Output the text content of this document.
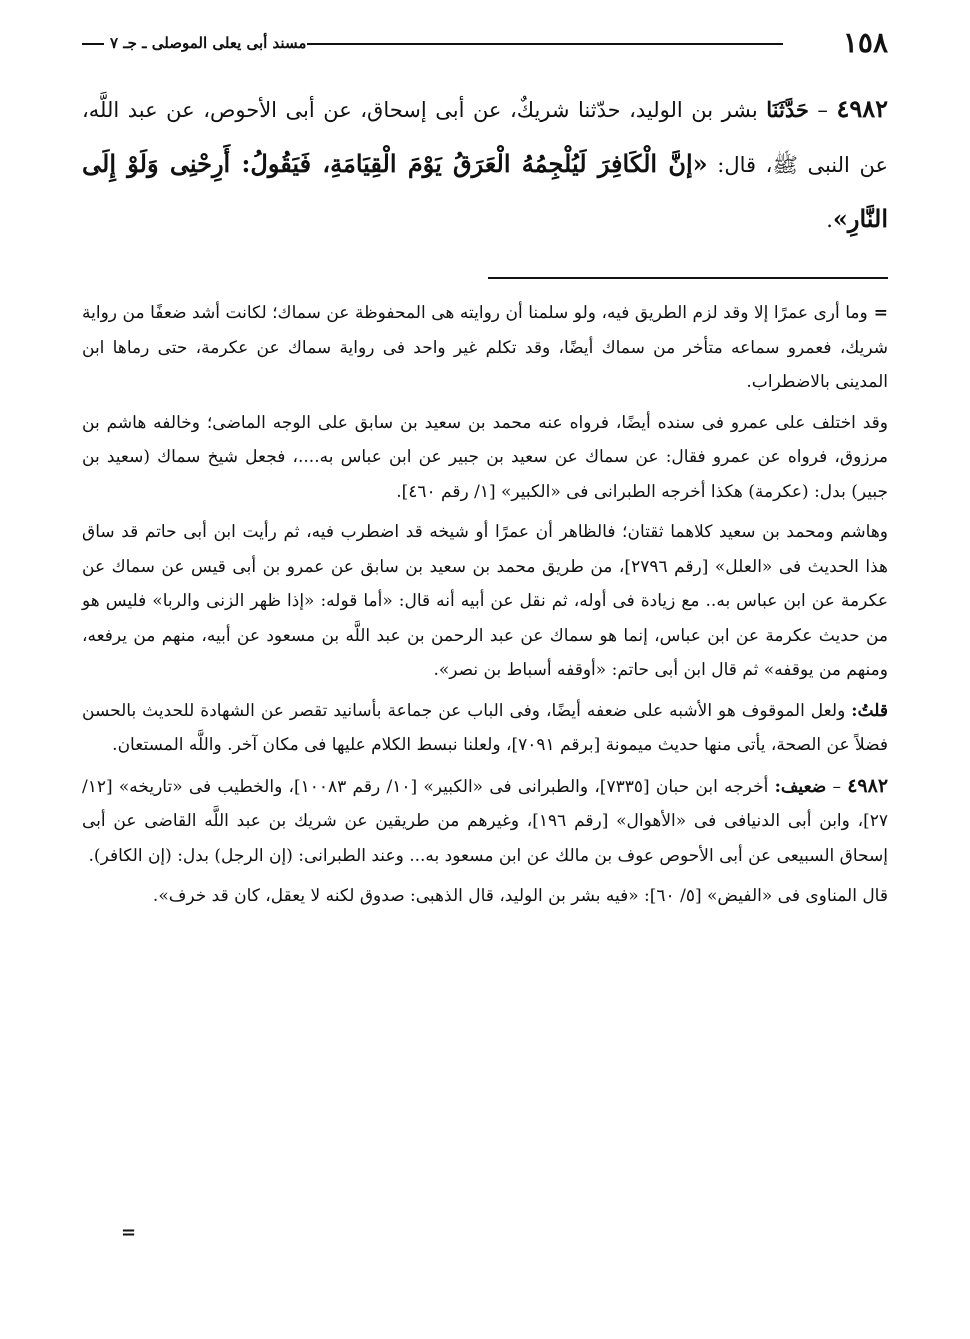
١٥٨
مسند أبى يعلى الموصلى ـ جـ ٧

٤٩٨٢ – حَدَّثَنَا بشر بن الوليد، حدّثنا شريكٌ، عن أبى إسحاق، عن أبى الأحوص، عن عبد اللَّه، عن النبى ﷺ، قال: «إنَّ الْكَافِرَ لَيُلْجِمُهُ الْعَرَقُ يَوْمَ الْقِيَامَةِ، فَيَقُولُ: أَرِحْنِى وَلَوْ إِلَى النَّارِ».

=وما أرى عمرًا إلا وقد لزم الطريق فيه، ولو سلمنا أن روايته هى المحفوظة عن سماك؛ لكانت أشد ضعفًا من رواية شريك، فعمرو سماعه متأخر من سماك أيضًا، وقد تكلم غير واحد فى رواية سماك عن عكرمة، حتى رماها ابن المدينى بالاضطراب.

وقد اختلف على عمرو فى سنده أيضًا، فرواه عنه محمد بن سعيد بن سابق على الوجه الماضى؛ وخالفه هاشم بن مرزوق، فرواه عن عمرو فقال: عن سماك عن سعيد بن جبير عن ابن عباس به....، فجعل شيخ سماك (سعيد بن جبير) بدل: (عكرمة) هكذا أخرجه الطبرانى فى «الكبير» [١/ رقم ٤٦٠].

وهاشم ومحمد بن سعيد كلاهما ثقتان؛ فالظاهر أن عمرًا أو شيخه قد اضطرب فيه، ثم رأيت ابن أبى حاتم قد ساق هذا الحديث فى «العلل» [رقم ٢٧٩٦]، من طريق محمد بن سعيد بن سابق عن عمرو بن أبى قيس عن سماك عن عكرمة عن ابن عباس به.. مع زيادة فى أوله، ثم نقل عن أبيه أنه قال: «أما قوله: «إذا ظهر الزنى والربا» فليس هو من حديث عكرمة عن ابن عباس، إنما هو سماك عن عبد الرحمن بن عبد اللَّه بن مسعود عن أبيه، منهم من يرفعه، ومنهم من يوقفه» ثم قال ابن أبى حاتم: «أوقفه أسباط بن نصر».

قلتُ: ولعل الموقوف هو الأشبه على ضعفه أيضًا، وفى الباب عن جماعة بأسانيد تقصر عن الشهادة للحديث بالحسن فضلاً عن الصحة، يأتى منها حديث ميمونة [برقم ٧٠٩١]، ولعلنا نبسط الكلام عليها فى مكان آخر. واللَّه المستعان.

٤٩٨٢ – ضعيف: أخرجه ابن حبان [٧٣٣٥]، والطبرانى فى «الكبير» [١٠/ رقم ١٠٠٨٣]، والخطيب فى «تاريخه» [١٢/ ٢٧]، وابن أبى الدنيافى فى «الأهوال» [رقم ١٩٦]، وغيرهم من طريقين عن شريك بن عبد اللَّه القاضى عن أبى إسحاق السبيعى عن أبى الأحوص عوف بن مالك عن ابن مسعود به... وعند الطبرانى: (إن الرجل) بدل: (إن الكافر).

قال المناوى فى «الفيض» [٥/ ٦٠]: «فيه بشر بن الوليد، قال الذهبى: صدوق لكنه لا يعقل، كان قد خرف».

=
